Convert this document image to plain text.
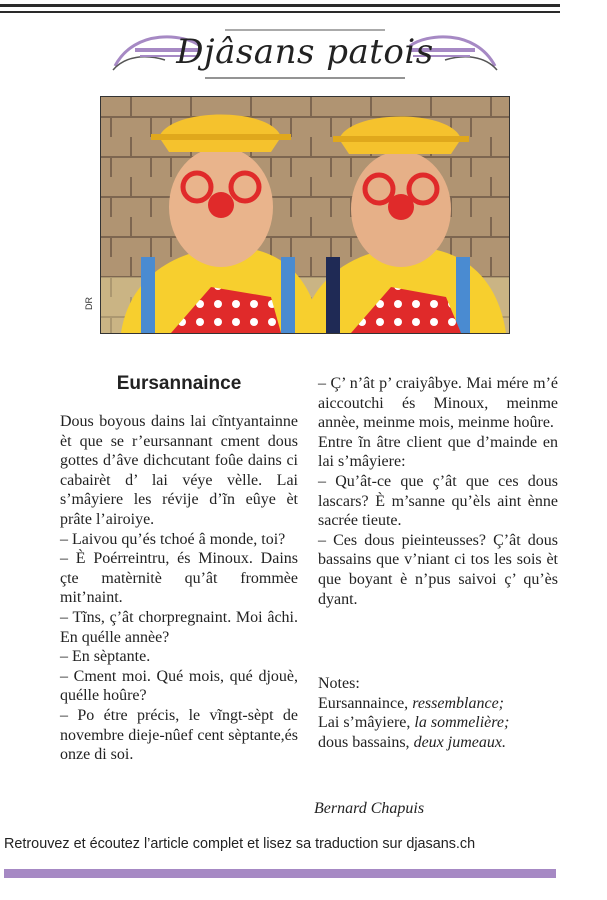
Djâsans patois
DR
Eursannaince

Dous boyous dains lai cĩntyantainne èt que se r’eursannant cment dous gottes d’âve dichcutant foûe dains ci cabairèt d’ lai véye vèlle. Lai s’mâyiere les révije d’ĩn eûye èt prâte l’airoiye.

– Laivou qu’és tchoé â monde, toi?

– È Poérreintru, és Minoux. Dains çte matèrnitè qu’ât frommèe mit’naint.

– Tĩns, ç’ât chorpregnaint. Moi âchi. En quélle annèe?

– En sèptante.

– Cment moi. Qué mois, qué djouè, quélle hoûre?

– Po étre précis, le vĩngt-sèpt de novembre dieje-nûef cent sèptante,és onze di soi.

– Ç’ n’ât p’ craiyâbye. Mai mére m’é aiccoutchi és Minoux, meinme annèe, meinme mois, meinme hoûre.

Entre ĩn âtre client que d’mainde en lai s’mâyiere:

– Qu’ât-ce que ç’ât que ces dous lascars? È m’sanne qu’èls aint ènne sacrée tieute.

– Ces dous pieinteusses? Ç’ât dous bassains que v’niant ci tos les sois èt que boyant è n’pus saivoi ç’ qu’ès dyant.

Notes:
Eursannaince, ressemblance;
Lai s’mâyiere, la sommelière;
dous bassains, deux jumeaux.
Bernard Chapuis
Retrouvez et écoutez l’article complet et lisez sa traduction sur djasans.ch
